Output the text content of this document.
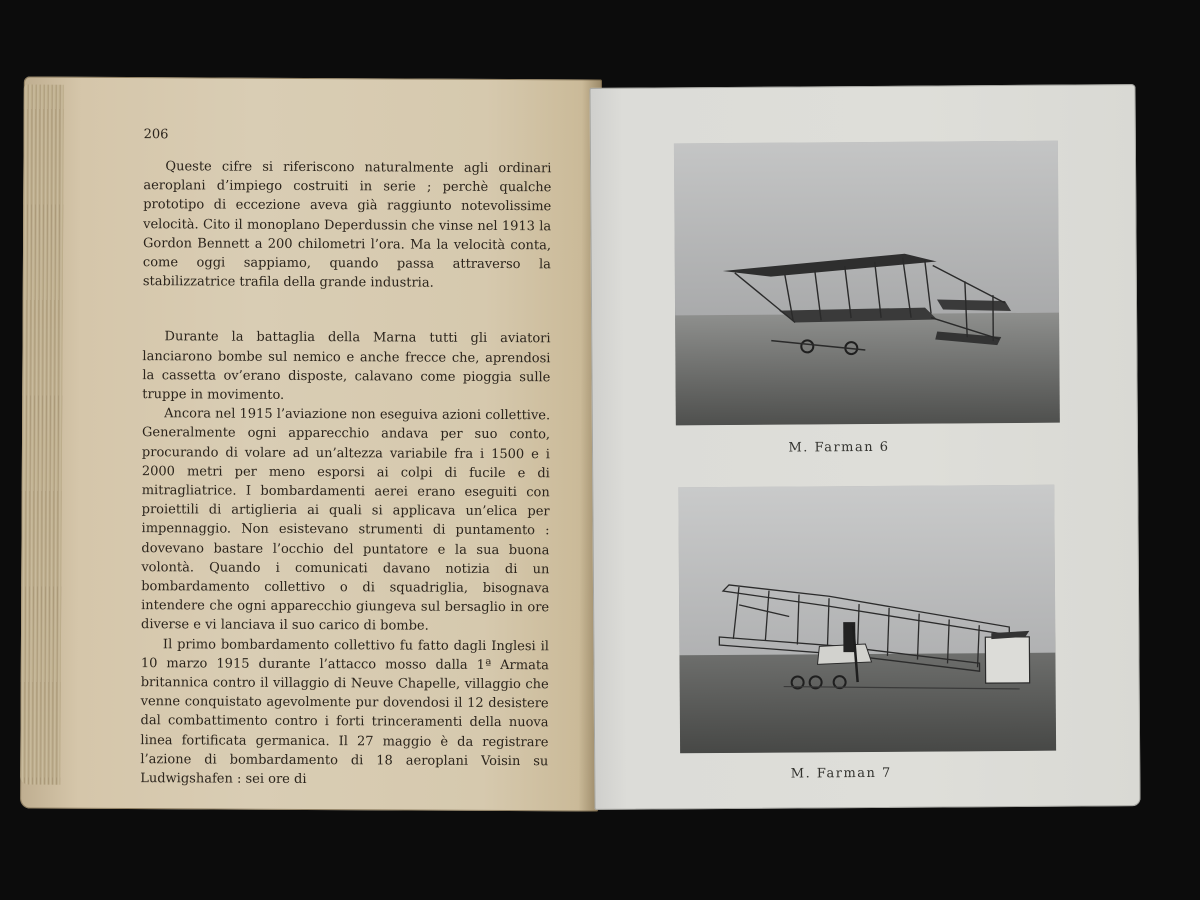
206

Queste cifre si riferiscono naturalmente agli ordinari aeroplani d’impiego costruiti in serie ; perchè qualche prototipo di eccezione aveva già raggiunto notevolissime velocità. Cito il monoplano Deperdussin che vinse nel 1913 la Gordon Bennett a 200 chilometri l’ora. Ma la velocità conta, come oggi sappiamo, quando passa attraverso la stabilizzatrice trafila della grande industria.

Durante la battaglia della Marna tutti gli aviatori lanciarono bombe sul nemico e anche frecce che, aprendosi la cassetta ov’erano disposte, calavano come pioggia sulle truppe in movimento.

Ancora nel 1915 l’aviazione non eseguiva azioni collettive. Generalmente ogni apparecchio andava per suo conto, procurando di volare ad un’altezza variabile fra i 1500 e i 2000 metri per meno esporsi ai colpi di fucile e di mitragliatrice. I bombardamenti aerei erano eseguiti con proiettili di artiglieria ai quali si applicava un’elica per impennaggio. Non esistevano strumenti di puntamento : dovevano bastare l’occhio del puntatore e la sua buona volontà. Quando i comunicati davano notizia di un bombardamento collettivo o di squadriglia, bisognava intendere che ogni apparecchio giungeva sul bersaglio in ore diverse e vi lanciava il suo carico di bombe.

Il primo bombardamento collettivo fu fatto dagli Inglesi il 10 marzo 1915 durante l’attacco mosso dalla 1ª Armata britannica contro il villaggio di Neuve Chapelle, villaggio che venne conquistato agevolmente pur dovendosi il 12 desistere dal combattimento contro i forti trinceramenti della nuova linea fortificata germanica. Il 27 maggio è da registrare l’azione di bombardamento di 18 aeroplani Voisin su Ludwigshafen : sei ore di

M. Farman 6
M. Farman 7
